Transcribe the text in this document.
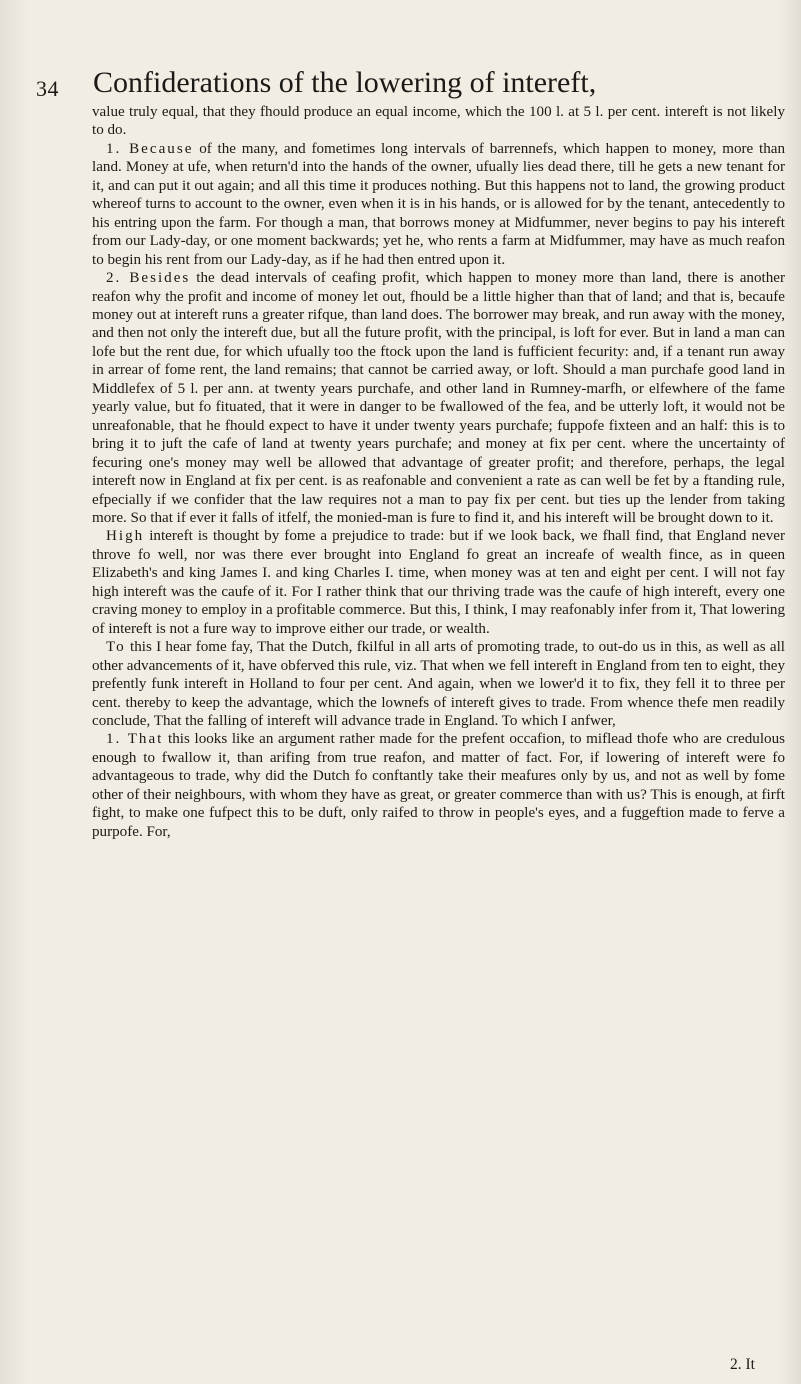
34 Confiderations of the lowering of intereft,

value truly equal, that they fhould produce an equal income, which the 100 l. at 5 l. per cent. intereft is not likely to do.

1. Because of the many, and fometimes long intervals of barrennefs, which happen to money, more than land. Money at ufe, when return'd into the hands of the owner, ufually lies dead there, till he gets a new tenant for it, and can put it out again; and all this time it produces nothing. But this happens not to land, the growing product whereof turns to account to the owner, even when it is in his hands, or is allowed for by the tenant, antecedently to his entring upon the farm. For though a man, that borrows money at Midfummer, never begins to pay his intereft from our Lady-day, or one moment backwards; yet he, who rents a farm at Midfummer, may have as much reafon to begin his rent from our Lady-day, as if he had then entred upon it.

2. Besides the dead intervals of ceafing profit, which happen to money more than land, there is another reafon why the profit and income of money let out, fhould be a little higher than that of land; and that is, becaufe money out at intereft runs a greater rifque, than land does. The borrower may break, and run away with the money, and then not only the intereft due, but all the future profit, with the principal, is loft for ever. But in land a man can lofe but the rent due, for which ufually too the ftock upon the land is fufficient fecurity: and, if a tenant run away in arrear of fome rent, the land remains; that cannot be carried away, or loft. Should a man purchafe good land in Middlefex of 5 l. per ann. at twenty years purchafe, and other land in Rumney-marfh, or elfewhere of the fame yearly value, but fo fituated, that it were in danger to be fwallowed of the fea, and be utterly loft, it would not be unreafonable, that he fhould expect to have it under twenty years purchafe; fuppofe fixteen and an half: this is to bring it to juft the cafe of land at twenty years purchafe; and money at fix per cent. where the uncertainty of fecuring one's money may well be allowed that advantage of greater profit; and therefore, perhaps, the legal intereft now in England at fix per cent. is as reafonable and convenient a rate as can well be fet by a ftanding rule, efpecially if we confider that the law requires not a man to pay fix per cent. but ties up the lender from taking more. So that if ever it falls of itfelf, the monied-man is fure to find it, and his intereft will be brought down to it.

High intereft is thought by fome a prejudice to trade: but if we look back, we fhall find, that England never throve fo well, nor was there ever brought into England fo great an increafe of wealth fince, as in queen Elizabeth's and king James I. and king Charles I. time, when money was at ten and eight per cent. I will not fay high intereft was the caufe of it. For I rather think that our thriving trade was the caufe of high intereft, every one craving money to employ in a profitable commerce. But this, I think, I may reafonably infer from it, That lowering of intereft is not a fure way to improve either our trade, or wealth.

To this I hear fome fay, That the Dutch, fkilful in all arts of promoting trade, to out-do us in this, as well as all other advancements of it, have obferved this rule, viz. That when we fell intereft in England from ten to eight, they prefently funk intereft in Holland to four per cent. And again, when we lower'd it to fix, they fell it to three per cent. thereby to keep the advantage, which the lownefs of intereft gives to trade. From whence thefe men readily conclude, That the falling of intereft will advance trade in England. To which I anfwer,

1. That this looks like an argument rather made for the prefent occafion, to miflead thofe who are credulous enough to fwallow it, than arifing from true reafon, and matter of fact. For, if lowering of intereft were fo advantageous to trade, why did the Dutch fo conftantly take their meafures only by us, and not as well by fome other of their neighbours, with whom they have as great, or greater commerce than with us? This is enough, at firft fight, to make one fufpect this to be duft, only raifed to throw in people's eyes, and a fuggeftion made to ferve a purpofe. For,

2. It
